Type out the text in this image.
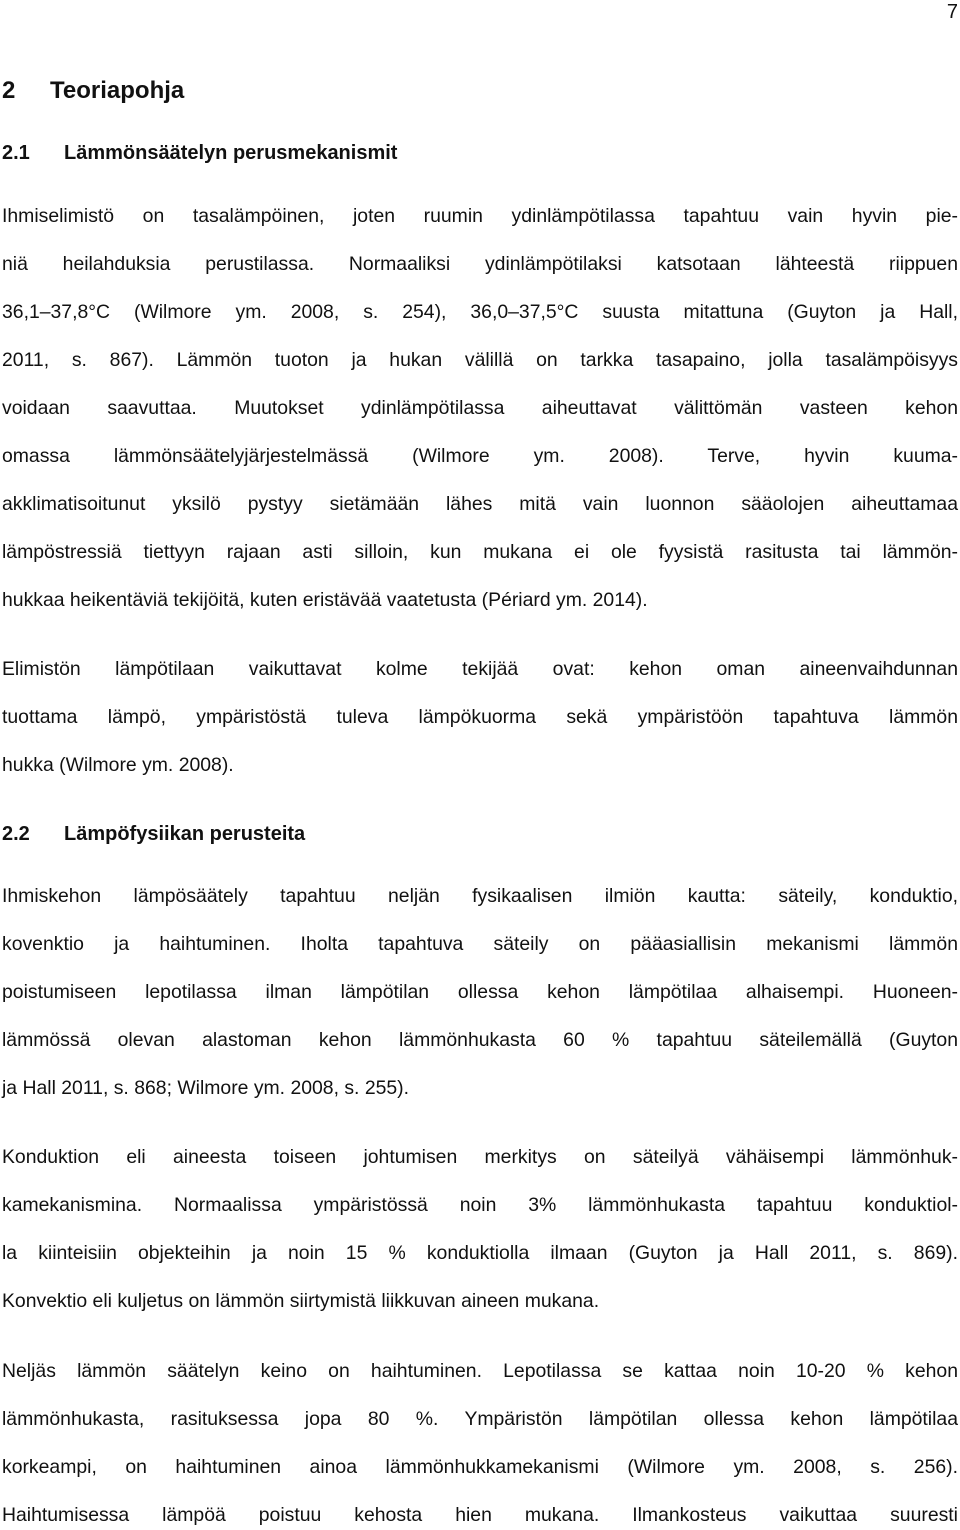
7
2 Teoriapohja
2.1 Lämmönsäätelyn perusmekanismit
Ihmiselimistö on tasalämpöinen, joten ruumin ydinlämpötilassa tapahtuu vain hyvin pie-
niä heilahduksia perustilassa. Normaaliksi ydinlämpötilaksi katsotaan lähteestä riippuen
36,1–37,8°C (Wilmore ym. 2008, s. 254), 36,0–37,5°C suusta mitattuna (Guyton ja Hall,
2011, s. 867). Lämmön tuoton ja hukan välillä on tarkka tasapaino, jolla tasalämpöisyys
voidaan saavuttaa. Muutokset ydinlämpötilassa aiheuttavat välittömän vasteen kehon
omassa lämmönsäätelyjärjestelmässä (Wilmore ym. 2008). Terve, hyvin kuuma-
akklimatisoitunut yksilö pystyy sietämään lähes mitä vain luonnon sääolojen aiheuttamaa
lämpöstressiä tiettyyn rajaan asti silloin, kun mukana ei ole fyysistä rasitusta tai lämmön-
hukkaa heikentäviä tekijöitä, kuten eristävää vaatetusta (Périard ym. 2014).
Elimistön lämpötilaan vaikuttavat kolme tekijää ovat: kehon oman aineenvaihdunnan
tuottama lämpö, ympäristöstä tuleva lämpökuorma sekä ympäristöön tapahtuva lämmön
hukka (Wilmore ym. 2008).
2.2 Lämpöfysiikan perusteita
Ihmiskehon lämpösäätely tapahtuu neljän fysikaalisen ilmiön kautta: säteily, konduktio,
kovenktio ja haihtuminen. Iholta tapahtuva säteily on pääasiallisin mekanismi lämmön
poistumiseen lepotilassa ilman lämpötilan ollessa kehon lämpötilaa alhaisempi. Huoneen-
lämmössä olevan alastoman kehon lämmönhukasta 60 % tapahtuu säteilemällä (Guyton
ja Hall 2011, s. 868; Wilmore ym. 2008, s. 255).
Konduktion eli aineesta toiseen johtumisen merkitys on säteilyä vähäisempi lämmönhuk-
kamekanismina. Normaalissa ympäristössä noin 3% lämmönhukasta tapahtuu konduktiol-
la kiinteisiin objekteihin ja noin 15 % konduktiolla ilmaan (Guyton ja Hall 2011, s. 869).
Konvektio eli kuljetus on lämmön siirtymistä liikkuvan aineen mukana.
Neljäs lämmön säätelyn keino on haihtuminen. Lepotilassa se kattaa noin 10-20 % kehon
lämmönhukasta, rasituksessa jopa 80 %. Ympäristön lämpötilan ollessa kehon lämpötilaa
korkeampi, on haihtuminen ainoa lämmönhukkamekanismi (Wilmore ym. 2008, s. 256).
Haihtumisessa lämpöä poistuu kehosta hien mukana. Ilmankosteus vaikuttaa suuresti
